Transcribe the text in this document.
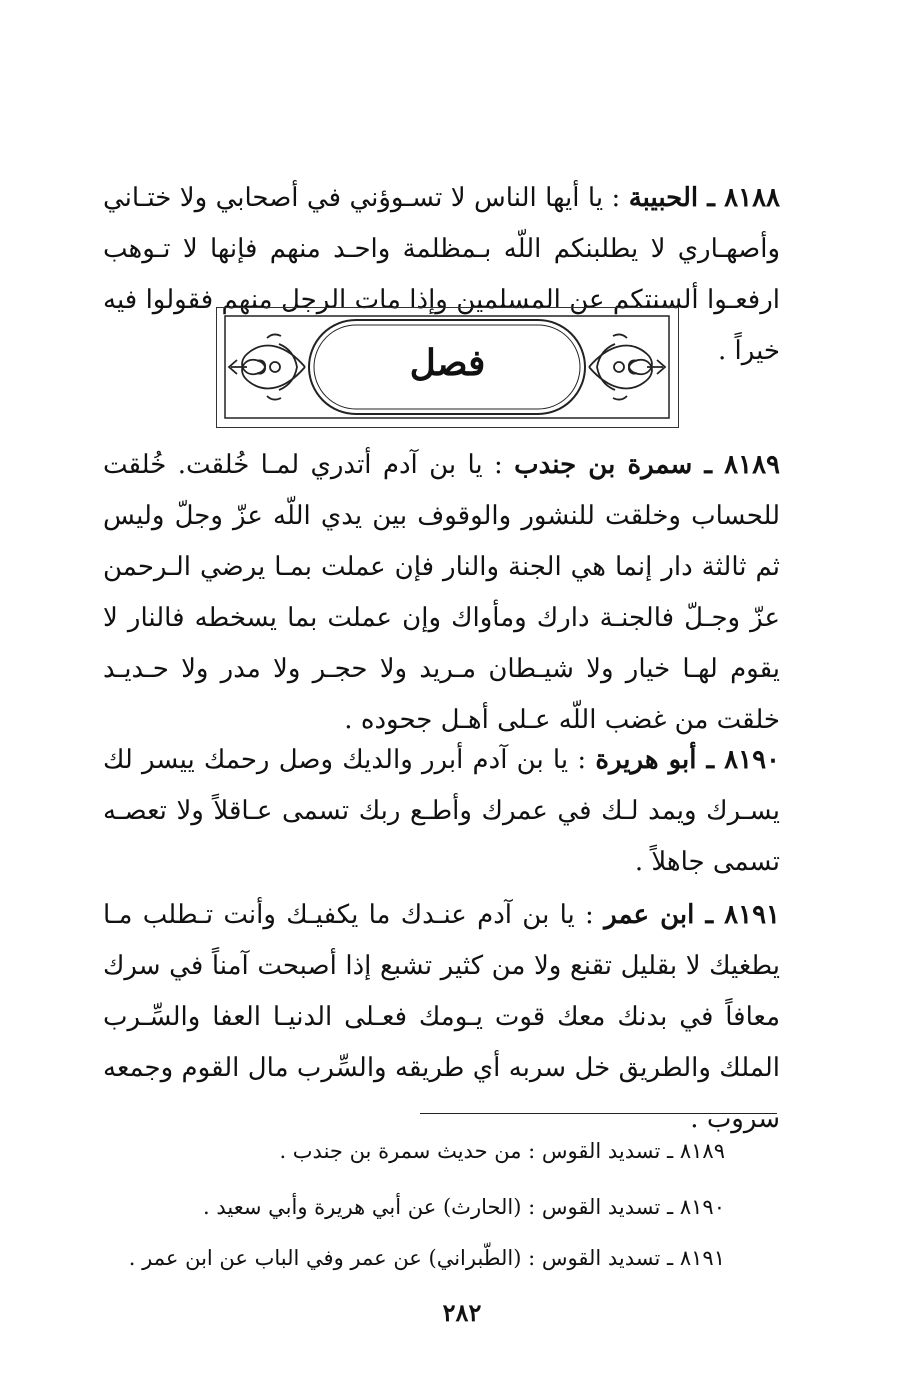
٨١٨٨ ـ الحبيبة : يا أيها الناس لا تسـوؤني في أصحابي ولا ختـاني وأصهـاري لا يطلبنكم اللّه بـمظلمة واحـد منهم فإنها لا تـوهب ارفعـوا ألسنتكم عن المسلمين وإذا مات الرجل منهم فقولوا فيه خيراً .

فصل

٨١٨٩ ـ سمرة بن جندب : يا بن آدم أتدري لمـا خُلقت. خُلقت للحساب وخلقت للنشور والوقوف بين يدي اللّه عزّ وجلّ وليس ثم ثالثة دار إنما هي الجنة والنار فإن عملت بمـا يرضي الـرحمن عزّ وجـلّ فالجنـة دارك ومأواك وإن عملت بما يسخطه فالنار لا يقوم لهـا خيار ولا شيـطان مـريد ولا حجـر ولا مدر ولا حـديـد خلقت من غضب اللّه عـلى أهـل جحوده .

٨١٩٠ ـ أبو هريرة : يا بن آدم أبرر والديك وصل رحمك ييسر لك يسـرك ويمد لـك في عمرك وأطـع ربك تسمى عـاقلاً ولا تعصـه تسمى جاهلاً .

٨١٩١ ـ ابن عمر : يا بن آدم عنـدك ما يكفيـك وأنت تـطلب مـا يطغيك لا بقليل تقنع ولا من كثير تشبع إذا أصبحت آمناً في سرك معافاً في بدنك معك قوت يـومك فعـلى الدنيـا العفا والسِّـرب الملك والطريق خل سربه أي طريقه والسِّرب مال القوم وجمعه سروب .

٨١٨٩ ـ تسديد القوس : من حديث سمرة بن جندب .
٨١٩٠ ـ تسديد القوس : (الحارث) عن أبي هريرة وأبي سعيد .
٨١٩١ ـ تسديد القوس : (الطّبراني) عن عمر وفي الباب عن ابن عمر .
٢٨٢
